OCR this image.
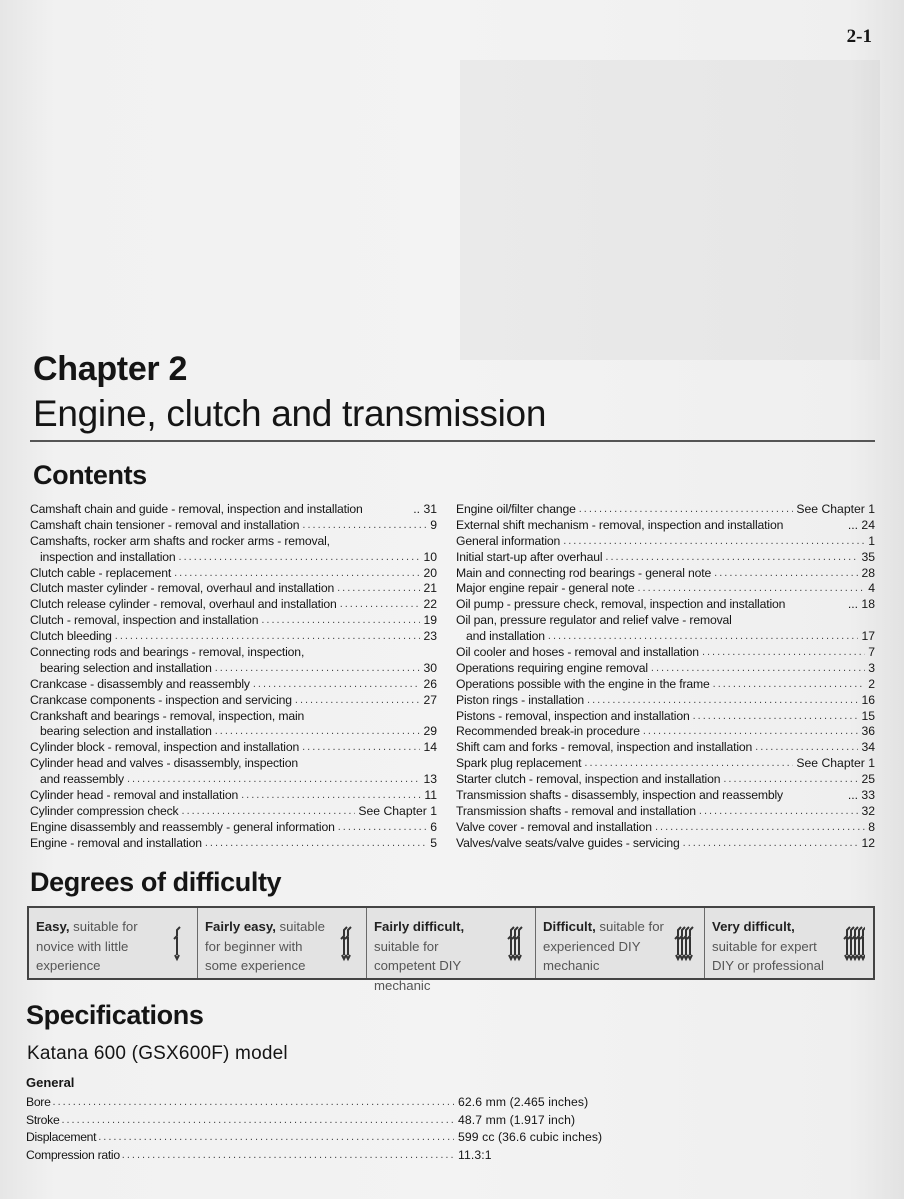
2-1
Chapter 2
Engine, clutch and transmission
Contents
Camshaft chain and guide - removal, inspection and installation	.. 31
Camshaft chain tensioner - removal and installation .....	9
Camshafts, rocker arm shafts and rocker arms - removal,
inspection and installation .....	10
Clutch cable - replacement .....	20
Clutch master cylinder - removal, overhaul and installation .....	21
Clutch release cylinder - removal, overhaul and installation .....	22
Clutch - removal, inspection and installation .....	19
Clutch bleeding .....	23
Connecting rods and bearings - removal, inspection,
bearing selection and installation .....	30
Crankcase - disassembly and reassembly .....	26
Crankcase components - inspection and servicing .....	27
Crankshaft and bearings - removal, inspection, main
bearing selection and installation .....	29
Cylinder block - removal, inspection and installation .....	14
Cylinder head and valves - disassembly, inspection
and reassembly .....	13
Cylinder head - removal and installation .....	11
Cylinder compression check .....	See Chapter 1
Engine disassembly and reassembly - general information .....	6
Engine - removal and installation .....	5
Engine oil/filter change .....	See Chapter 1
External shift mechanism - removal, inspection and installation	... 24
General information .....	1
Initial start-up after overhaul .....	35
Main and connecting rod bearings - general note .....	28
Major engine repair - general note .....	4
Oil pump - pressure check, removal, inspection and installation	... 18
Oil pan, pressure regulator and relief valve - removal
and installation .....	17
Oil cooler and hoses - removal and installation .....	7
Operations requiring engine removal .....	3
Operations possible with the engine in the frame .....	2
Piston rings - installation .....	16
Pistons - removal, inspection and installation .....	15
Recommended break-in procedure .....	36
Shift cam and forks - removal, inspection and installation .....	34
Spark plug replacement .....	See Chapter 1
Starter clutch - removal, inspection and installation .....	25
Transmission shafts - disassembly, inspection and reassembly	... 33
Transmission shafts - removal and installation .....	32
Valve cover - removal and installation .....	8
Valves/valve seats/valve guides - servicing .....	12
Degrees of difficulty
Easy, suitable for novice with little experience
Fairly easy, suitable for beginner with some experience
Fairly difficult, suitable for competent DIY mechanic
Difficult, suitable for experienced DIY mechanic
Very difficult, suitable for expert DIY or professional
Specifications
Katana 600 (GSX600F) model
General
Bore .....	62.6 mm (2.465 inches)
Stroke .....	48.7 mm (1.917 inch)
Displacement .....	599 cc (36.6 cubic inches)
Compression ratio .....	11.3:1
